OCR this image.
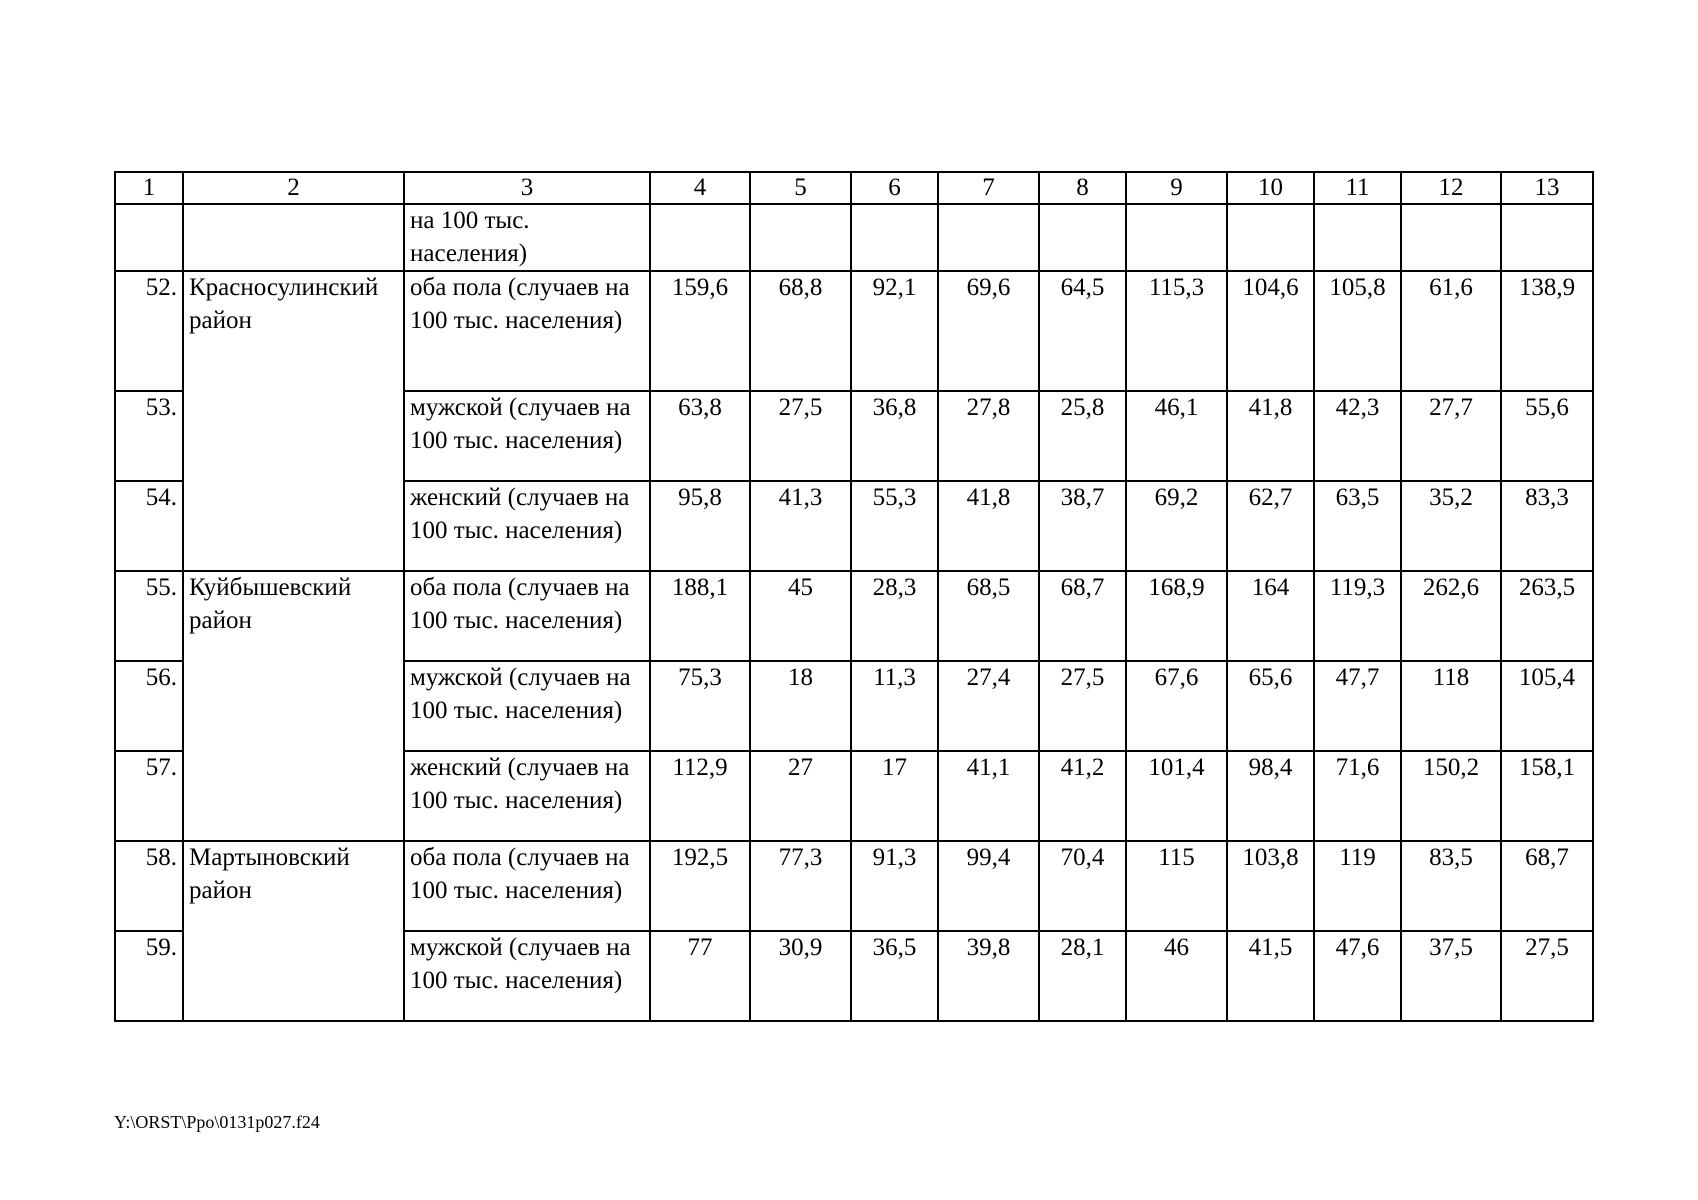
1	2	3	4	5	6	7	8	9	10	11	12	13
		на 100 тыс. населения)										
52.	Красносулинский район	оба пола (случаев на 100 тыс. населения)	159,6	68,8	92,1	69,6	64,5	115,3	104,6	105,8	61,6	138,9
53.		мужской (случаев на 100 тыс. населения)	63,8	27,5	36,8	27,8	25,8	46,1	41,8	42,3	27,7	55,6
54.		женский (случаев на 100 тыс. населения)	95,8	41,3	55,3	41,8	38,7	69,2	62,7	63,5	35,2	83,3
55.	Куйбышевский район	оба пола (случаев на 100 тыс. населения)	188,1	45	28,3	68,5	68,7	168,9	164	119,3	262,6	263,5
56.		мужской (случаев на 100 тыс. населения)	75,3	18	11,3	27,4	27,5	67,6	65,6	47,7	118	105,4
57.		женский (случаев на 100 тыс. населения)	112,9	27	17	41,1	41,2	101,4	98,4	71,6	150,2	158,1
58.	Мартыновский район	оба пола (случаев на 100 тыс. населения)	192,5	77,3	91,3	99,4	70,4	115	103,8	119	83,5	68,7
59.		мужской (случаев на 100 тыс. населения)	77	30,9	36,5	39,8	28,1	46	41,5	47,6	37,5	27,5
Y:\ORST\Ppo\0131p027.f24
